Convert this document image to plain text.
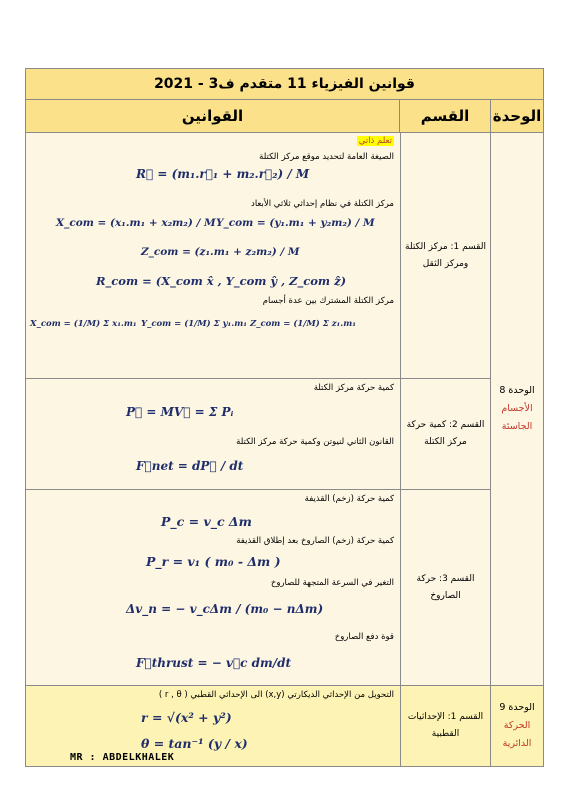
قوانين الفيزياء 11 متقدم ف3 - 2021
الوحدة
القسم
القوانين
الوحدة 8
الأجسام
الجاسئة
القسم 1: مركز الكتلة ومركز الثقل
تعلم ذاتي
الصيغة العامة لتحديد موقع مركز الكتلة
R⃗ = (m₁.r⃗₁ + m₂.r⃗₂) / M
مركز الكتلة في نظام إحداثي ثلاثي الأبعاد
X_com = (x₁.m₁ + x₂m₂) / M Y_com = (y₁.m₁ + y₂m₂) / M
Z_com = (z₁.m₁ + z₂m₂) / M
R_com = (X_com x̂ , Y_com ŷ , Z_com ẑ)
مركز الكتلة المشترك بين عدة أجسام
X_com = (1/M) Σ x₁.m₁ Y_com = (1/M) Σ y₁.m₁ Z_com = (1/M) Σ z₁.m₁
القسم 2: كمية حركة مركز الكتلة
كمية حركة مركز الكتلة
P⃗ = MV⃗ = Σ Pᵢ
القانون الثاني لنيوتن وكمية حركة مركز الكتلة
F⃗net = dP⃗ / dt
القسم 3: حركة الصاروخ
كمية حركة (زخم) القذيفة
P_c = v_c Δm
كمية حركة (زخم) الصاروخ بعد إطلاق القذيفة
P_r = v₁ ( m₀ - Δm )
التغير في السرعة المتجهة للصاروخ
Δv_n = − v_cΔm / (m₀ − nΔm)
قوة دفع الصاروخ
F⃗thrust = − v⃗c dm/dt
الوحدة 9
الحركة
الدائرية
القسم 1: الإحداثيات القطبية
التحويل من الإحداثي الديكارتي (x,y) الى الإحداثي القطبي ( r , θ )
r = √(x² + y²)
θ = tan⁻¹ (y / x)
MR : ABDELKHALEK
